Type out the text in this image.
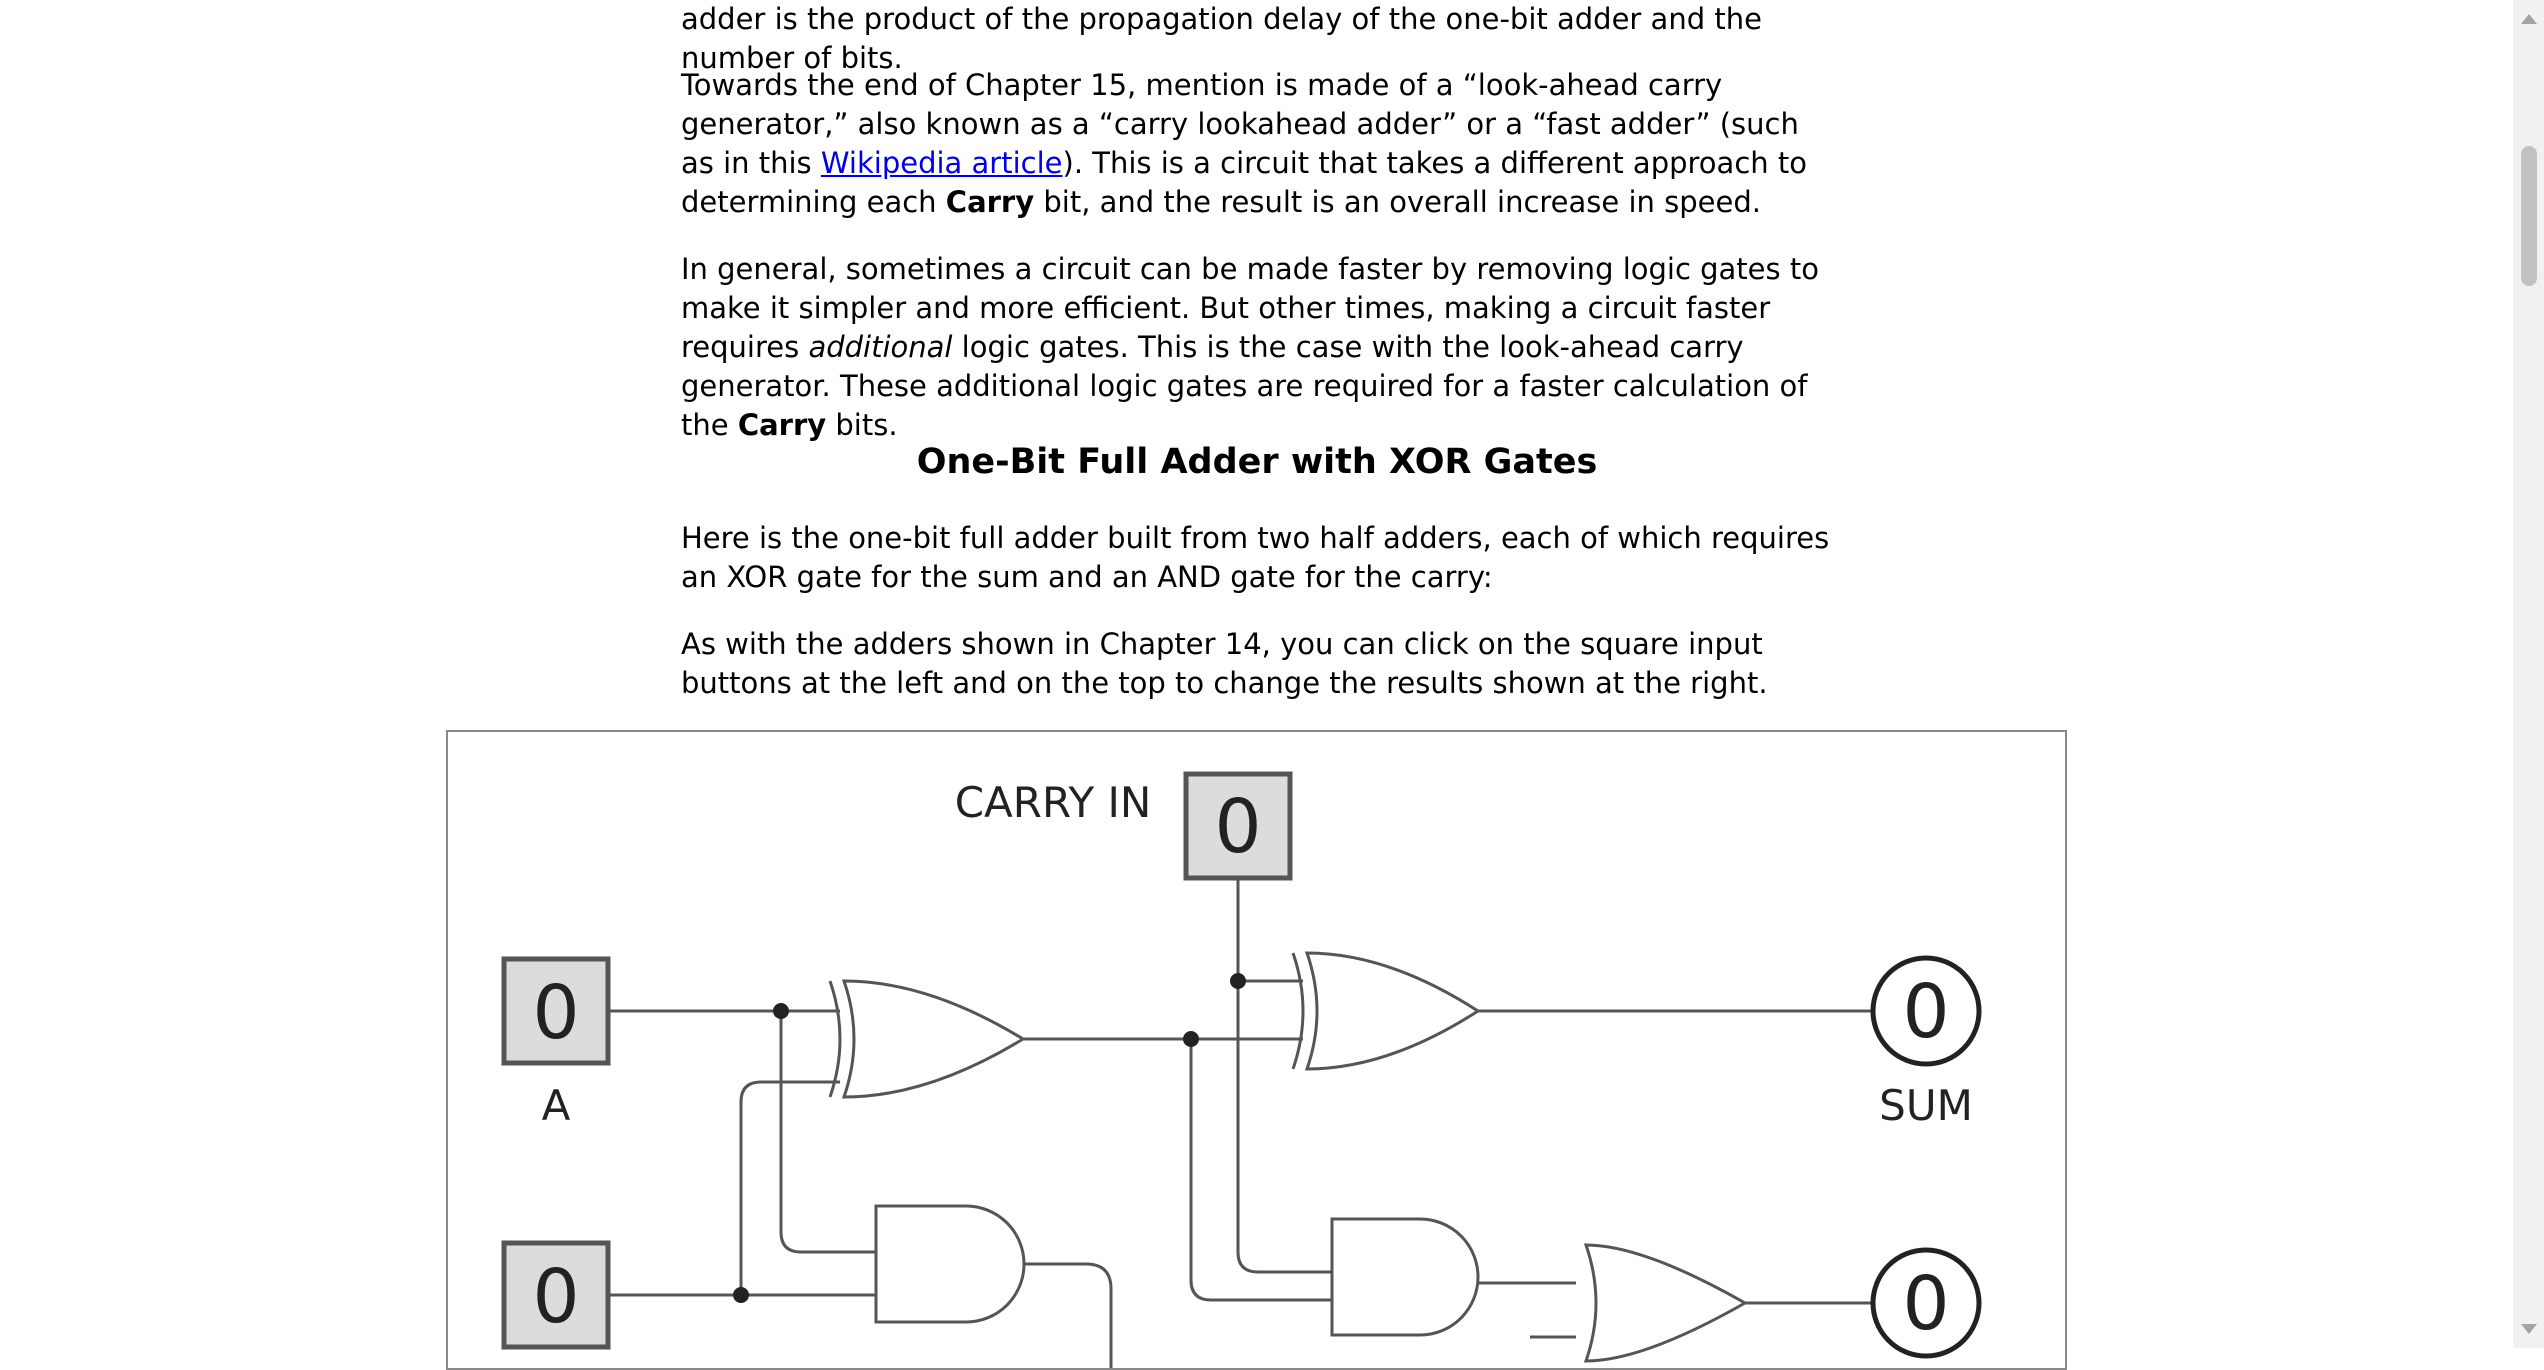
adder is the product of the propagation delay of the one-bit adder and the number of bits.

Towards the end of Chapter 15, mention is made of a “look-ahead carry generator,” also known as a “carry lookahead adder” or a “fast adder” (such as in this Wikipedia article). This is a circuit that takes a different approach to determining each Carry bit, and the result is an overall increase in speed.

In general, sometimes a circuit can be made faster by removing logic gates to make it simpler and more efficient. But other times, making a circuit faster requires additional logic gates. This is the case with the look-ahead carry generator. These additional logic gates are required for a faster calculation of the Carry bits.

One-Bit Full Adder with XOR Gates

Here is the one-bit full adder built from two half adders, each of which requires an XOR gate for the sum and an AND gate for the carry:

As with the adders shown in Chapter 14, you can click on the square input buttons at the left and on the top to change the results shown at the right.

CARRY IN 0
0
A
0
0
SUM
0
